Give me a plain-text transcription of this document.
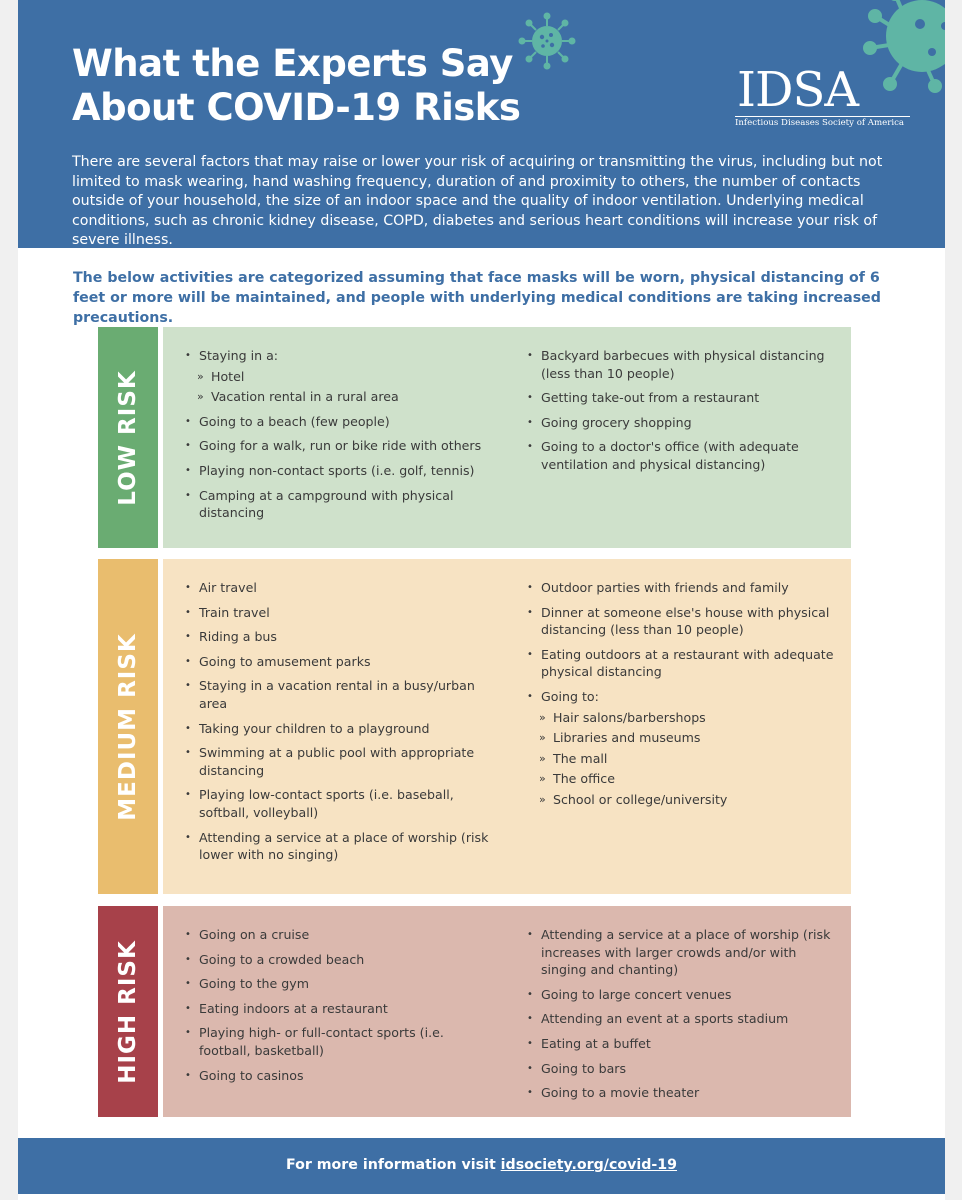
What the Experts Say
About COVID-19 Risks	IDSA
Infectious Diseases Society of America
There are several factors that may raise or lower your risk of acquiring or transmitting the virus, including but not limited to mask wearing, hand washing frequency, duration of and proximity to others, the number of contacts outside of your household, the size of an indoor space and the quality of indoor ventilation. Underlying medical conditions, such as chronic kidney disease, COPD, diabetes and serious heart conditions will increase your risk of severe illness.
The below activities are categorized assuming that face masks will be worn, physical distancing of 6 feet or more will be maintained, and people with underlying medical conditions are taking increased precautions.
LOW RISK
• Staying in a:
» Hotel
» Vacation rental in a rural area
• Going to a beach (few people)
• Going for a walk, run or bike ride with others
• Playing non-contact sports (i.e. golf, tennis)
• Camping at a campground with physical distancing
• Backyard barbecues with physical distancing (less than 10 people)
• Getting take-out from a restaurant
• Going grocery shopping
• Going to a doctor's office (with adequate ventilation and physical distancing)
MEDIUM RISK
• Air travel
• Train travel
• Riding a bus
• Going to amusement parks
• Staying in a vacation rental in a busy/urban area
• Taking your children to a playground
• Swimming at a public pool with appropriate distancing
• Playing low-contact sports (i.e. baseball, softball, volleyball)
• Attending a service at a place of worship (risk lower with no singing)
• Outdoor parties with friends and family
• Dinner at someone else's house with physical distancing (less than 10 people)
• Eating outdoors at a restaurant with adequate physical distancing
• Going to:
» Hair salons/barbershops
» Libraries and museums
» The mall
» The office
» School or college/university
HIGH RISK
• Going on a cruise
• Going to a crowded beach
• Going to the gym
• Eating indoors at a restaurant
• Playing high- or full-contact sports (i.e. football, basketball)
• Going to casinos
• Attending a service at a place of worship (risk increases with larger crowds and/or with singing and chanting)
• Going to large concert venues
• Attending an event at a sports stadium
• Eating at a buffet
• Going to bars
• Going to a movie theater
For more information visit idsociety.org/covid-19
